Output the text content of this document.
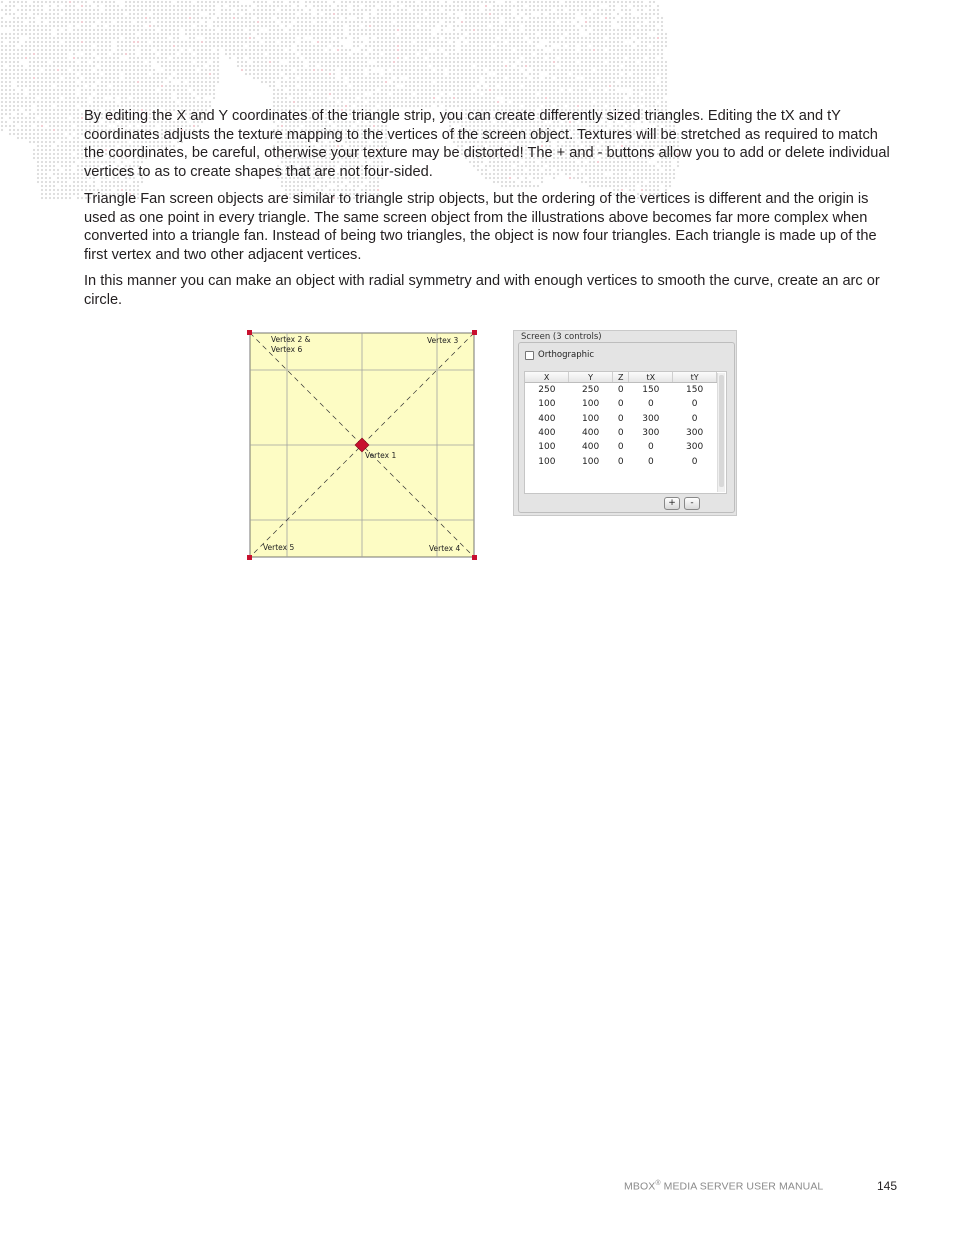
By editing the X and Y coordinates of the triangle strip, you can create differently sized triangles. Editing the tX and tY coordinates adjusts the texture mapping to the vertices of the screen object. Textures will be stretched as required to match the coordinates, be careful, otherwise your texture may be distorted! The + and - buttons allow you to add or delete individual vertices to as to create shapes that are not four-sided.

Triangle Fan screen objects are similar to triangle strip objects, but the ordering of the vertices is different and the origin is used as one point in every triangle. The same screen object from the illustrations above becomes far more complex when converted into a triangle fan. Instead of being two triangles, the object is now four triangles. Each triangle is made up of the first vertex and two other adjacent vertices.

In this manner you can make an object with radial symmetry and with enough vertices to smooth the curve, create an arc or circle.

Vertex 2 &
Vertex 6
Vertex 3
Vertex 1
Vertex 5	Vertex 4
Screen (3 controls)
Orthographic
X	Y	Z	tX	tY
250	250	0	150	150
100	100	0	0	0
400	100	0	300	0
400	400	0	300	300
100	400	0	0	300
100	100	0	0	0
+	-
MBOX® MEDIA SERVER USER MANUAL	145
